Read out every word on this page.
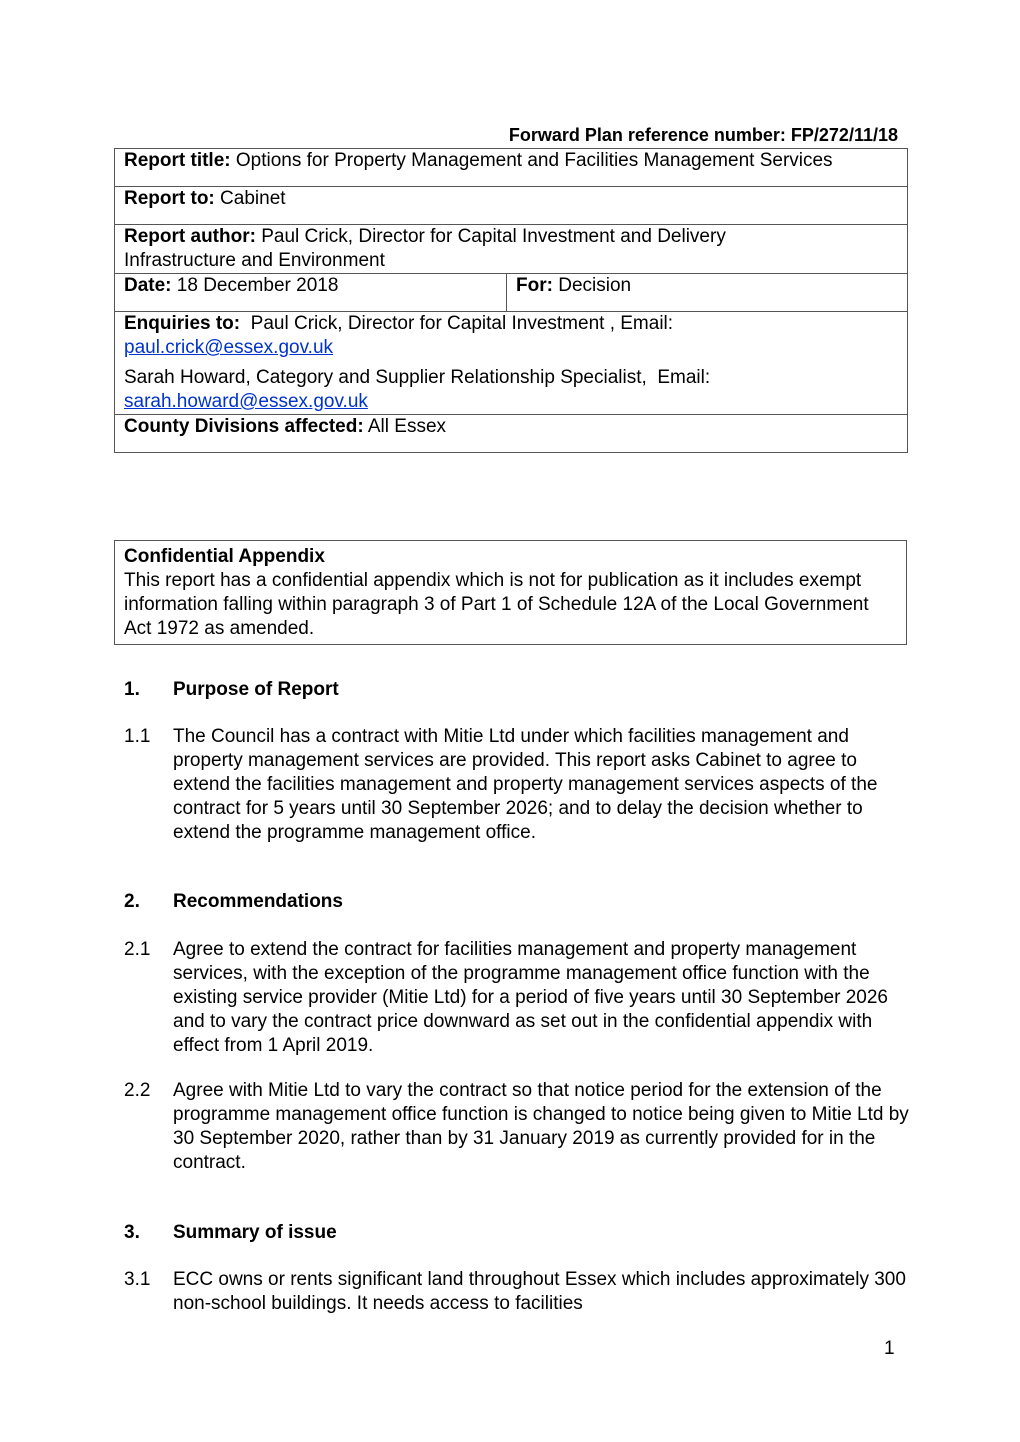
Forward Plan reference number: FP/272/11/18
Report title: Options for Property Management and Facilities Management Services
Report to: Cabinet
Report author: Paul Crick, Director for Capital Investment and Delivery
Infrastructure and Environment
Date: 18 December 2018	For: Decision
Enquiries to:  Paul Crick, Director for Capital Investment , Email:
paul.crick@essex.gov.uk

Sarah Howard, Category and Supplier Relationship Specialist,  Email:
sarah.howard@essex.gov.uk
County Divisions affected: All Essex
Confidential Appendix
This report has a confidential appendix which is not for publication as it includes exempt information falling within paragraph 3 of Part 1 of Schedule 12A of the Local Government Act 1972 as amended.
1. Purpose of Report
1.1 The Council has a contract with Mitie Ltd under which facilities management and property management services are provided. This report asks Cabinet to agree to extend the facilities management and property management services aspects of the contract for 5 years until 30 September 2026; and to delay the decision whether to extend the programme management office.
2. Recommendations
2.1 Agree to extend the contract for facilities management and property management services, with the exception of the programme management office function with the existing service provider (Mitie Ltd) for a period of five years until 30 September 2026 and to vary the contract price downward as set out in the confidential appendix with effect from 1 April 2019.
2.2 Agree with Mitie Ltd to vary the contract so that notice period for the extension of the programme management office function is changed to notice being given to Mitie Ltd by 30 September 2020, rather than by 31 January 2019 as currently provided for in the contract.
3. Summary of issue
3.1 ECC owns or rents significant land throughout Essex which includes approximately 300 non-school buildings. It needs access to facilities
1
